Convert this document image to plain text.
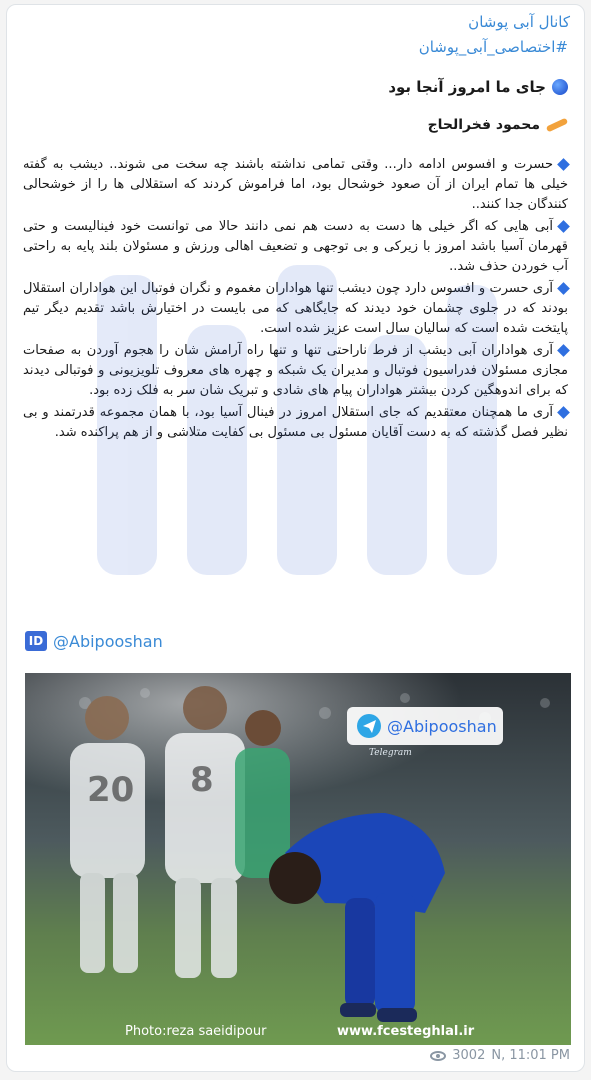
کانال آبی پوشان
#اختصاصی_آبی_پوشان
جای ما امروز آنجا بود
محمود فخرالحاج
حسرت و افسوس ادامه دار... وقتی تمامی نداشته باشند چه سخت می شوند.. دیشب به گفته خیلی ها تمام ایران از آن صعود خوشحال بود، اما فراموش کردند که استقلالی ها را از خوشحالی کنندگان جدا کنند..
آبی هایی که اگر خیلی ها دست به دست هم نمی دانند حالا می توانست خود فینالیست و حتی قهرمان آسیا باشد امروز با زیرکی و بی توجهی و تضعیف اهالی ورزش و مسئولان بلند پایه به راحتی آب خوردن حذف شد..
آری حسرت و افسوس دارد چون دیشب تنها هواداران مغموم و نگران فوتبال این هواداران استقلال بودند که در جلوی چشمان خود دیدند که جایگاهی که می بایست در اختیارش باشد تقدیم دیگر تیم پایتخت شده است که سالیان سال است عزیز شده است.
آری هواداران آبی دیشب از فرط ناراحتی تنها و تنها راه آرامش شان را هجوم آوردن به صفحات مجازی مسئولان فدراسیون فوتبال و مدیران یک شبکه و چهره های معروف تلویزیونی و فوتبالی دیدند که برای اندوهگین کردن بیشتر هواداران پیام های شادی و تبریک شان سر به فلک زده بود.
آری ما همچنان معتقدیم که جای استقلال امروز در فینال آسیا بود، با همان مجموعه قدرتمند و بی نظیر فصل گذشته که به دست آقایان مسئول بی مسئول بی کفایت متلاشی و از هم پراکنده شد.
ID @Abipooshan
20 8
@Abipooshan
Telegram
Photo:reza saeidipour	www.fcesteghlal.ir
3002 N, 11:01 PM
